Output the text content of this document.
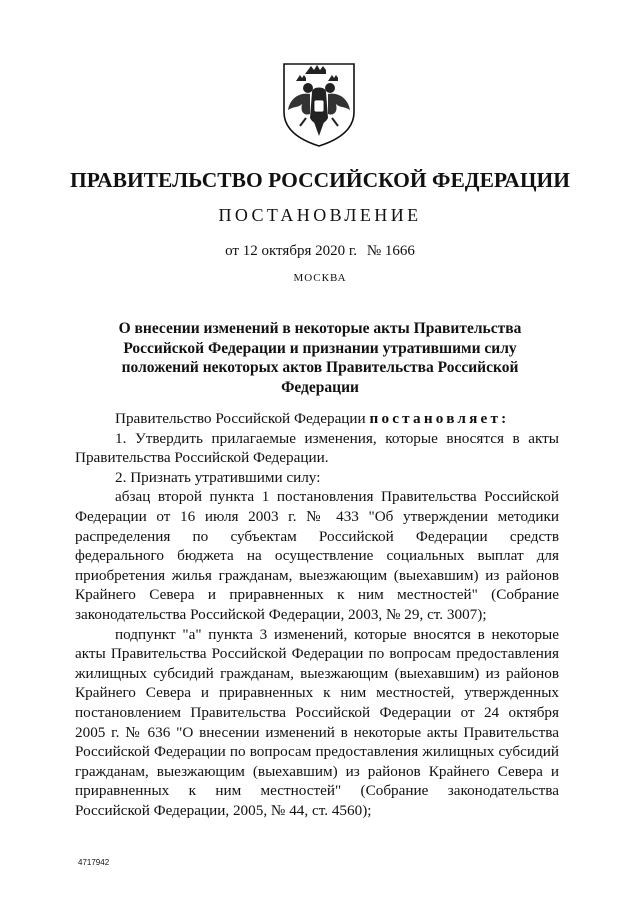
ПРАВИТЕЛЬСТВО РОССИЙСКОЙ ФЕДЕРАЦИИ
ПОСТАНОВЛЕНИЕ
от 12 октября 2020 г. № 1666
МОСКВА
О внесении изменений в некоторые акты Правительства Российской Федерации и признании утратившими силу положений некоторых актов Правительства Российской Федерации

Правительство Российской Федерации постановляет:

1. Утвердить прилагаемые изменения, которые вносятся в акты Правительства Российской Федерации.

2. Признать утратившими силу:

абзац второй пункта 1 постановления Правительства Российской Федерации от 16 июля 2003 г. № 433 "Об утверждении методики распределения по субъектам Российской Федерации средств федерального бюджета на осуществление социальных выплат для приобретения жилья гражданам, выезжающим (выехавшим) из районов Крайнего Севера и приравненных к ним местностей" (Собрание законодательства Российской Федерации, 2003, № 29, ст. 3007);

подпункт "а" пункта 3 изменений, которые вносятся в некоторые акты Правительства Российской Федерации по вопросам предоставления жилищных субсидий гражданам, выезжающим (выехавшим) из районов Крайнего Севера и приравненных к ним местностей, утвержденных постановлением Правительства Российской Федерации от 24 октября 2005 г. № 636 "О внесении изменений в некоторые акты Правительства Российской Федерации по вопросам предоставления жилищных субсидий гражданам, выезжающим (выехавшим) из районов Крайнего Севера и приравненных к ним местностей" (Собрание законодательства Российской Федерации, 2005, № 44, ст. 4560);

4717942
